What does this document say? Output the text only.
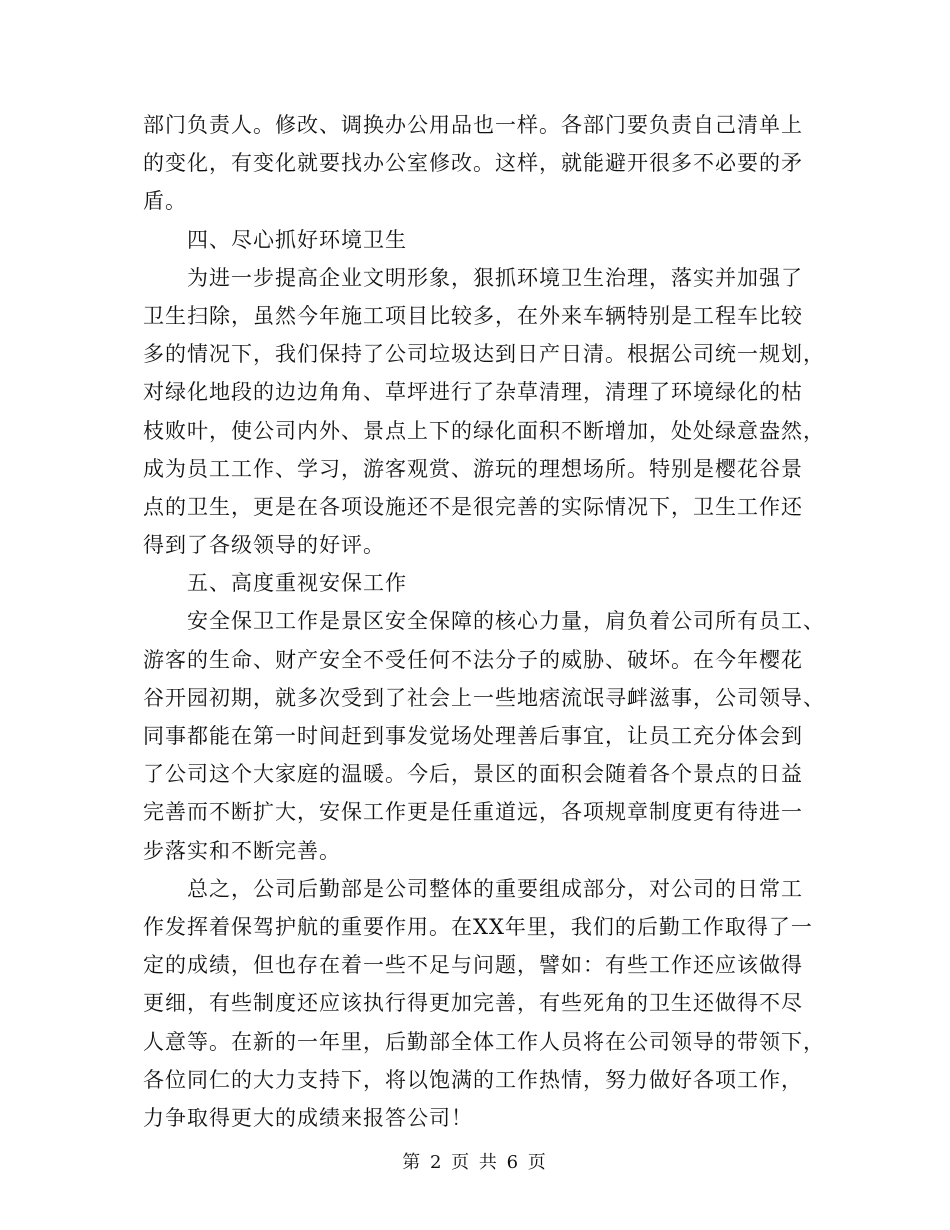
部门负责人。修改、调换办公用品也一样。各部门要负责自己清单上
的变化，有变化就要找办公室修改。这样，就能避开很多不必要的矛
盾。
四、尽心抓好环境卫生
为进一步提高企业文明形象，狠抓环境卫生治理，落实并加强了
卫生扫除，虽然今年施工项目比较多，在外来车辆特别是工程车比较
多的情况下，我们保持了公司垃圾达到日产日清。根据公司统一规划，
对绿化地段的边边角角、草坪进行了杂草清理，清理了环境绿化的枯
枝败叶，使公司内外、景点上下的绿化面积不断增加，处处绿意盎然，
成为员工工作、学习，游客观赏、游玩的理想场所。特别是樱花谷景
点的卫生，更是在各项设施还不是很完善的实际情况下，卫生工作还
得到了各级领导的好评。
五、高度重视安保工作
安全保卫工作是景区安全保障的核心力量，肩负着公司所有员工、
游客的生命、财产安全不受任何不法分子的威胁、破坏。在今年樱花
谷开园初期，就多次受到了社会上一些地痞流氓寻衅滋事，公司领导、
同事都能在第一时间赶到事发觉场处理善后事宜，让员工充分体会到
了公司这个大家庭的温暖。今后，景区的面积会随着各个景点的日益
完善而不断扩大，安保工作更是任重道远，各项规章制度更有待进一
步落实和不断完善。
总之，公司后勤部是公司整体的重要组成部分，对公司的日常工
作发挥着保驾护航的重要作用。在XX年里，我们的后勤工作取得了一
定的成绩，但也存在着一些不足与问题，譬如：有些工作还应该做得
更细，有些制度还应该执行得更加完善，有些死角的卫生还做得不尽
人意等。在新的一年里，后勤部全体工作人员将在公司领导的带领下，
各位同仁的大力支持下，将以饱满的工作热情，努力做好各项工作，
力争取得更大的成绩来报答公司！
第 2 页 共 6 页
